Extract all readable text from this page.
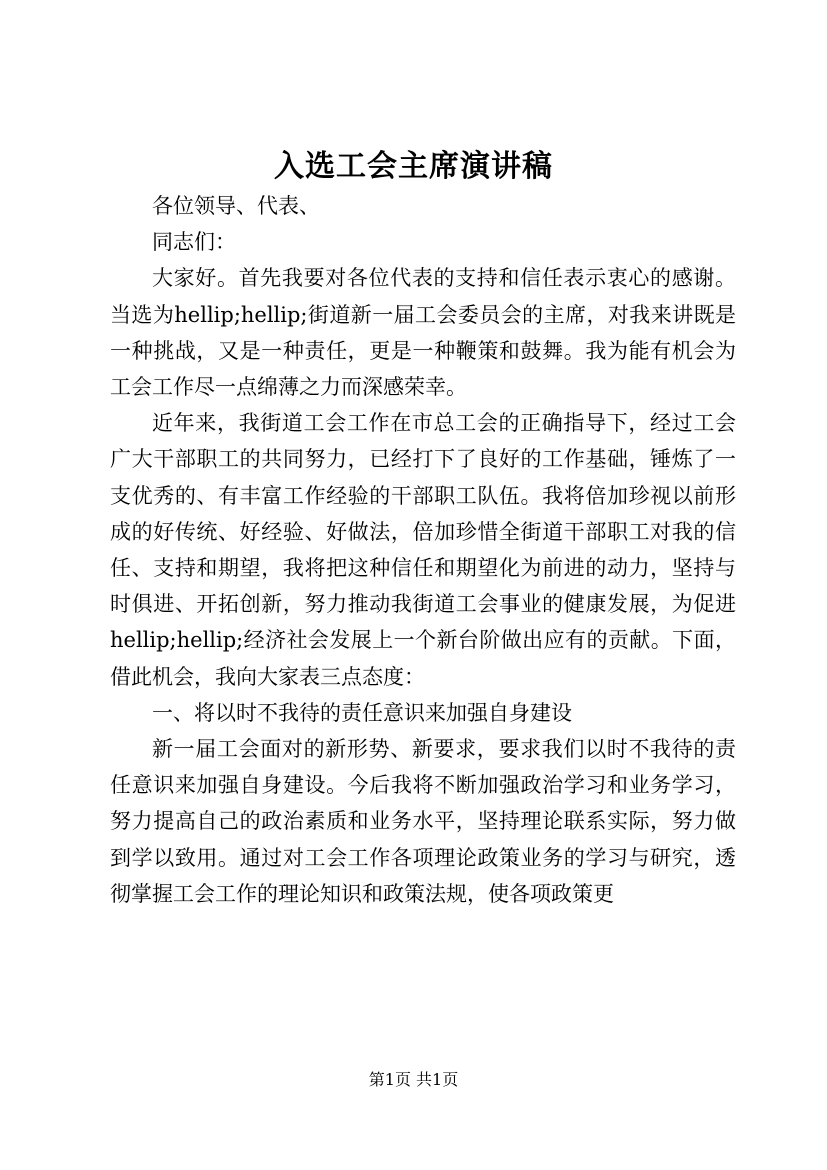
入选工会主席演讲稿

各位领导、代表、

同志们：

大家好。首先我要对各位代表的支持和信任表示衷心的感谢。当选为hellip;hellip;街道新一届工会委员会的主席，对我来讲既是一种挑战，又是一种责任，更是一种鞭策和鼓舞。我为能有机会为工会工作尽一点绵薄之力而深感荣幸。

近年来，我街道工会工作在市总工会的正确指导下，经过工会广大干部职工的共同努力，已经打下了良好的工作基础，锤炼了一支优秀的、有丰富工作经验的干部职工队伍。我将倍加珍视以前形成的好传统、好经验、好做法，倍加珍惜全街道干部职工对我的信任、支持和期望，我将把这种信任和期望化为前进的动力，坚持与时俱进、开拓创新，努力推动我街道工会事业的健康发展，为促进hellip;hellip;经济社会发展上一个新台阶做出应有的贡献。下面，借此机会，我向大家表三点态度：

一、将以时不我待的责任意识来加强自身建设

新一届工会面对的新形势、新要求，要求我们以时不我待的责任意识来加强自身建设。今后我将不断加强政治学习和业务学习，努力提高自己的政治素质和业务水平，坚持理论联系实际，努力做到学以致用。通过对工会工作各项理论政策业务的学习与研究，透彻掌握工会工作的理论知识和政策法规，使各项政策更

第1页 共1页
